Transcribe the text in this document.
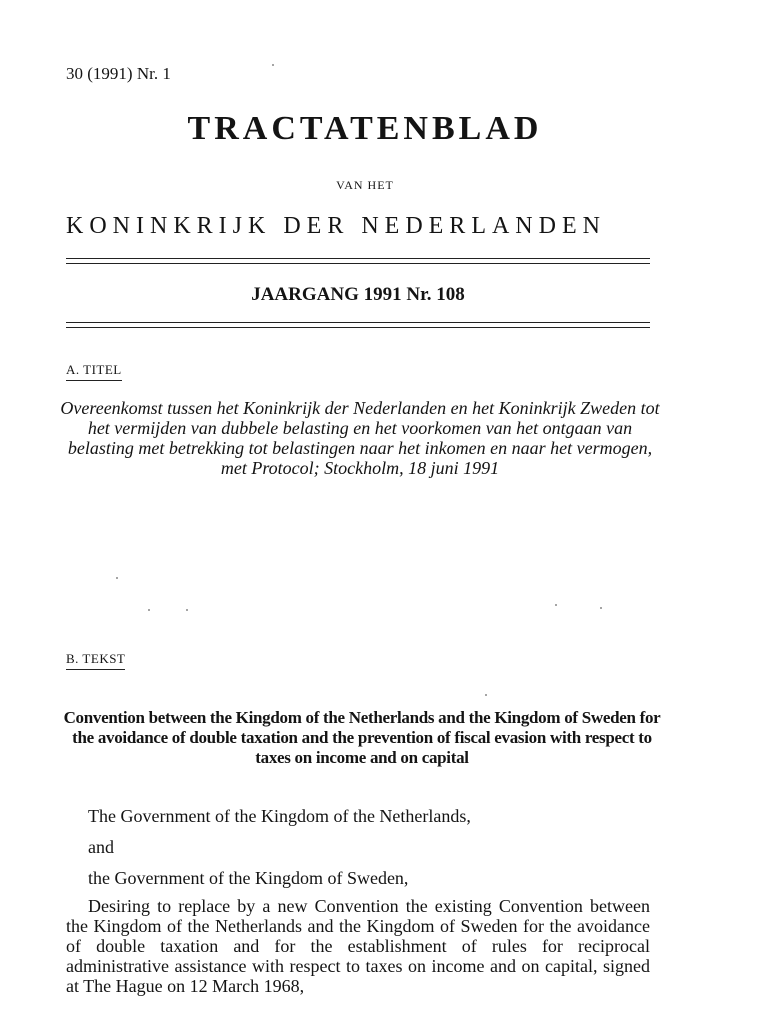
30 (1991) Nr. 1
TRACTATENBLAD
VAN HET
KONINKRIJK DER NEDERLANDEN
JAARGANG 1991 Nr. 108
A. TITEL
Overeenkomst tussen het Koninkrijk der Nederlanden en het Koninkrijk Zweden tot het vermijden van dubbele belasting en het voorkomen van het ontgaan van belasting met betrekking tot belastingen naar het inkomen en naar het vermogen, met Protocol; Stockholm, 18 juni 1991
B. TEKST
Convention between the Kingdom of the Netherlands and the Kingdom of Sweden for the avoidance of double taxation and the prevention of fiscal evasion with respect to taxes on income and on capital
The Government of the Kingdom of the Netherlands,
and
the Government of the Kingdom of Sweden,
Desiring to replace by a new Convention the existing Convention between the Kingdom of the Netherlands and the Kingdom of Sweden for the avoidance of double taxation and for the establishment of rules for reciprocal administrative assistance with respect to taxes on income and on capital, signed at The Hague on 12 March 1968,
